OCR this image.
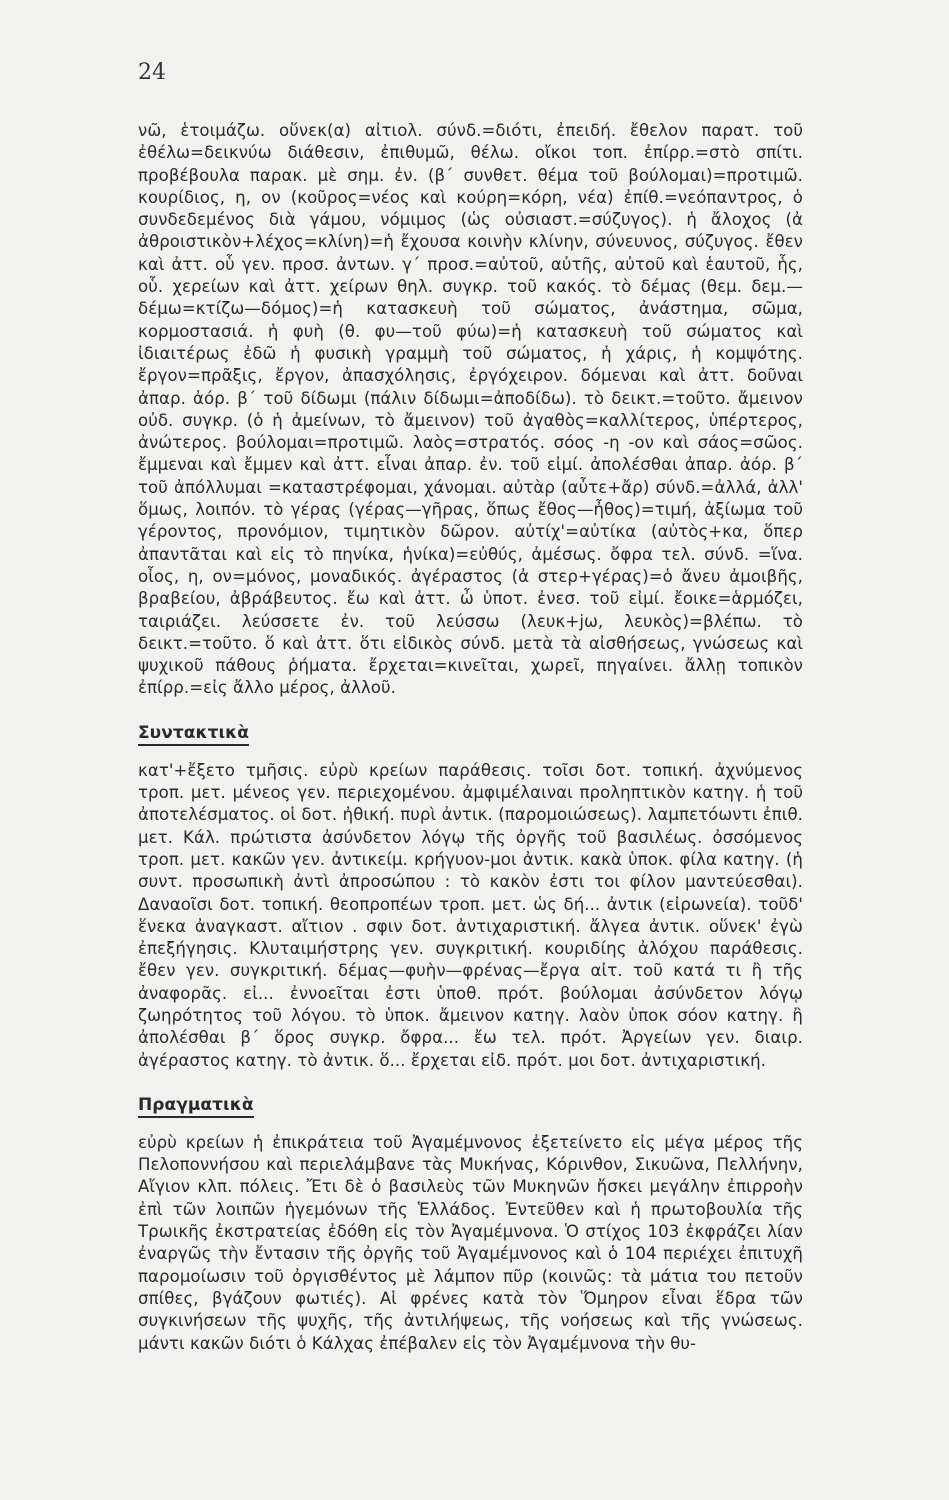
24

νῶ, ἑτοιμάζω. οὕνεκ(α) αἰτιολ. σύνδ.=διότι, ἐπειδή. ἔθελον παρατ. τοῦ ἐθέλω=δεικνύω διάθεσιν, ἐπιθυμῶ, θέλω. οἴκοι τοπ. ἐπίρρ.=στὸ σπίτι. προβέβουλα παρακ. μὲ σημ. ἐν. (β΄ συνθετ. θέμα τοῦ βούλομαι)=προτιμῶ. κουρίδιος, η, ον (κοῦρος=νέος καὶ κούρη=κόρη, νέα) ἐπίθ.=νεόπαντρος, ὁ συνδεδεμένος διὰ γάμου, νόμιμος (ὡς οὐσιαστ.=σύζυγος). ἡ ἄλοχος (ἀ ἀθροιστικὸν+λέχος=κλίνη)=ἡ ἔχουσα κοινὴν κλίνην, σύνευνος, σύζυγος. ἔθεν καὶ ἀττ. οὗ γεν. προσ. ἀντων. γ΄ προσ.=αὐτοῦ, αὐτῆς, αὐτοῦ καὶ ἑαυτοῦ, ἧς, οὗ. χερείων καὶ ἀττ. χείρων θηλ. συγκρ. τοῦ κακός. τὸ δέμας (θεμ. δεμ.—δέμω=κτίζω—δόμος)=ἡ κατασκευὴ τοῦ σώματος, ἀνάστημα, σῶμα, κορμοστασιά. ἡ φυὴ (θ. φυ—τοῦ φύω)=ἡ κατασκευὴ τοῦ σώματος καὶ ἰδιαιτέρως ἐδῶ ἡ φυσικὴ γραμμὴ τοῦ σώματος, ἡ χάρις, ἡ κομψότης. ἔργον=πρᾶξις, ἔργον, ἀπασχόλησις, ἐργόχειρον. δόμεναι καὶ ἀττ. δοῦναι ἀπαρ. ἀόρ. β΄ τοῦ δίδωμι (πάλιν δίδωμι=ἀποδίδω). τὸ δεικτ.=τοῦτο. ἄμεινον οὐδ. συγκρ. (ὁ ἡ ἀμείνων, τὸ ἄμεινον) τοῦ ἀγαθὸς=καλλίτερος, ὑπέρτερος, ἀνώτερος. βούλομαι=προτιμῶ. λαὸς=στρατός. σόος -η -ον καὶ σάος=σῶος. ἔμμεναι καὶ ἔμμεν καὶ ἀττ. εἶναι ἀπαρ. ἐν. τοῦ εἰμί. ἀπολέσθαι ἀπαρ. ἀόρ. β΄ τοῦ ἀπόλλυμαι =καταστρέφομαι, χάνομαι. αὐτὰρ (αὖτε+ἄρ) σύνδ.=ἀλλά, ἀλλ' ὅμως, λοιπόν. τὸ γέρας (γέρας—γῆρας, ὅπως ἔθος—ἦθος)=τιμή, ἀξίωμα τοῦ γέροντος, προνόμιον, τιμητικὸν δῶρον. αὐτίχ'=αὐτίκα (αὐτὸς+κα, ὅπερ ἀπαντᾶται καὶ εἰς τὸ πηνίκα, ἡνίκα)=εὐθύς, ἀμέσως. ὄφρα τελ. σύνδ. =ἵνα. οἶος, η, ον=μόνος, μοναδικός. ἀγέραστος (ἀ στερ+γέρας)=ὁ ἄνευ ἀμοιβῆς, βραβείου, ἀβράβευτος. ἔω καὶ ἀττ. ὦ ὑποτ. ἐνεσ. τοῦ εἰμί. ἔοικε=ἁρμόζει, ταιριάζει. λεύσσετε ἐν. τοῦ λεύσσω (λευκ+jω, λευκὸς)=βλέπω. τὸ δεικτ.=τοῦτο. ὅ καὶ ἀττ. ὅτι εἰδικὸς σύνδ. μετὰ τὰ αἰσθήσεως, γνώσεως καὶ ψυχικοῦ πάθους ῥήματα. ἔρχεται=κινεῖται, χωρεῖ, πηγαίνει. ἄλλῃ τοπικὸν ἐπίρρ.=εἰς ἄλλο μέρος, ἀλλοῦ.

Συντακτικὰ

κατ'+ἔξετο τμῆσις. εὐρὺ κρείων παράθεσις. τοῖσι δοτ. τοπική. ἀχνύμενος τροπ. μετ. μένεος γεν. περιεχομένου. ἀμφιμέλαιναι προληπτικὸν κατηγ. ἡ τοῦ ἀποτελέσματος. οἱ δοτ. ἠθική. πυρὶ ἀντικ. (παρομοιώσεως). λαμπετόωντι ἐπιθ. μετ. Κάλ. πρώτιστα ἀσύνδετον λόγῳ τῆς ὀργῆς τοῦ βασιλέως. ὀσσόμενος τροπ. μετ. κακῶν γεν. ἀντικείμ. κρήγυον-μοι ἀντικ. κακὰ ὑποκ. φίλα κατηγ. (ἡ συντ. προσωπικὴ ἀντὶ ἀπροσώπου : τὸ κακὸν ἐστι τοι φίλον μαντεύεσθαι). Δαναοῖσι δοτ. τοπική. θεοπροπέων τροπ. μετ. ὡς δή... ἀντικ (εἰρωνεία). τοῦδ' ἕνεκα ἀναγκαστ. αἴτιον . σφιν δοτ. ἀντιχαριστική. ἄλγεα ἀντικ. οὕνεκ' ἐγὼ ἐπεξήγησις. Κλυταιμήστρης γεν. συγκριτική. κουριδίης ἀλόχου παράθεσις. ἔθεν γεν. συγκριτική. δέμας—φυὴν—φρένας—ἔργα αἰτ. τοῦ κατά τι ἢ τῆς ἀναφορᾶς. εἰ... ἐννοεῖται ἐστι ὑποθ. πρότ. βούλομαι ἀσύνδετον λόγῳ ζωηρότητος τοῦ λόγου. τὸ ὑποκ. ἄμεινον κατηγ. λαὸν ὑποκ σόον κατηγ. ἢ ἀπολέσθαι β΄ ὅρος συγκρ. ὄφρα... ἔω τελ. πρότ. Ἀργείων γεν. διαιρ. ἀγέραστος κατηγ. τὸ ἀντικ. ὅ... ἔρχεται εἰδ. πρότ. μοι δοτ. ἀντιχαριστική.

Πραγματικὰ

εὐρὺ κρείων ἡ ἐπικράτεια τοῦ Ἀγαμέμνονος ἐξετείνετο εἰς μέγα μέρος τῆς Πελοποννήσου καὶ περιελάμβανε τὰς Μυκήνας, Κόρινθον, Σικυῶνα, Πελλήνην, Αἴγιον κλπ. πόλεις. Ἔτι δὲ ὁ βασιλεὺς τῶν Μυκηνῶν ἤσκει μεγάλην ἐπιρροὴν ἐπὶ τῶν λοιπῶν ἡγεμόνων τῆς Ἑλλάδος. Ἐντεῦθεν καὶ ἡ πρωτοβουλία τῆς Τρωικῆς ἐκστρατείας ἐδόθη εἰς τὸν Ἀγαμέμνονα. Ὁ στίχος 103 ἐκφράζει λίαν ἐναργῶς τὴν ἔντασιν τῆς ὀργῆς τοῦ Ἀγαμέμνονος καὶ ὁ 104 περιέχει ἐπιτυχῆ παρομοίωσιν τοῦ ὀργισθέντος μὲ λάμπον πῦρ (κοινῶς: τὰ μάτια του πετοῦν σπίθες, βγάζουν φωτιές). Αἱ φρένες κατὰ τὸν Ὅμηρον εἶναι ἕδρα τῶν συγκινήσεων τῆς ψυχῆς, τῆς ἀντιλήψεως, τῆς νοήσεως καὶ τῆς γνώσεως. μάντι κακῶν διότι ὁ Κάλχας ἐπέβαλεν εἰς τὸν Ἀγαμέμνονα τὴν θυ-
